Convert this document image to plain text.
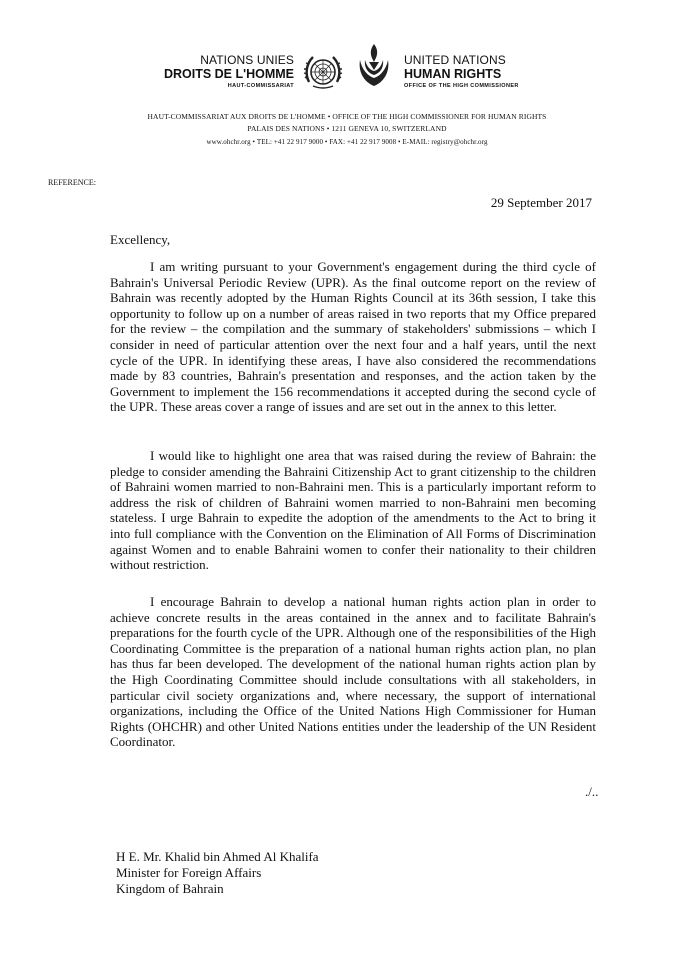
NATIONS UNIES
DROITS DE L'HOMME
HAUT-COMMISSARIAT
UNITED NATIONS
HUMAN RIGHTS
OFFICE OF THE HIGH COMMISSIONER
HAUT-COMMISSARIAT AUX DROITS DE L'HOMME • OFFICE OF THE HIGH COMMISSIONER FOR HUMAN RIGHTS
PALAIS DES NATIONS • 1211 GENEVA 10, SWITZERLAND
www.ohchr.org • TEL: +41 22 917 9000 • FAX: +41 22 917 9008 • E-MAIL: registry@ohchr.org
REFERENCE:
29 September 2017
Excellency,

I am writing pursuant to your Government's engagement during the third cycle of Bahrain's Universal Periodic Review (UPR). As the final outcome report on the review of Bahrain was recently adopted by the Human Rights Council at its 36th session, I take this opportunity to follow up on a number of areas raised in two reports that my Office prepared for the review – the compilation and the summary of stakeholders' submissions – which I consider in need of particular attention over the next four and a half years, until the next cycle of the UPR. In identifying these areas, I have also considered the recommendations made by 83 countries, Bahrain's presentation and responses, and the action taken by the Government to implement the 156 recommendations it accepted during the second cycle of the UPR. These areas cover a range of issues and are set out in the annex to this letter.

I would like to highlight one area that was raised during the review of Bahrain: the pledge to consider amending the Bahraini Citizenship Act to grant citizenship to the children of Bahraini women married to non-Bahraini men. This is a particularly important reform to address the risk of children of Bahraini women married to non-Bahraini men becoming stateless. I urge Bahrain to expedite the adoption of the amendments to the Act to bring it into full compliance with the Convention on the Elimination of All Forms of Discrimination against Women and to enable Bahraini women to confer their nationality to their children without restriction.

I encourage Bahrain to develop a national human rights action plan in order to achieve concrete results in the areas contained in the annex and to facilitate Bahrain's preparations for the fourth cycle of the UPR. Although one of the responsibilities of the High Coordinating Committee is the preparation of a national human rights action plan, no plan has thus far been developed. The development of the national human rights action plan by the High Coordinating Committee should include consultations with all stakeholders, in particular civil society organizations and, where necessary, the support of international organizations, including the Office of the United Nations High Commissioner for Human Rights (OHCHR) and other United Nations entities under the leadership of the UN Resident Coordinator.

./..
H E. Mr. Khalid bin Ahmed Al Khalifa
Minister for Foreign Affairs
Kingdom of Bahrain
